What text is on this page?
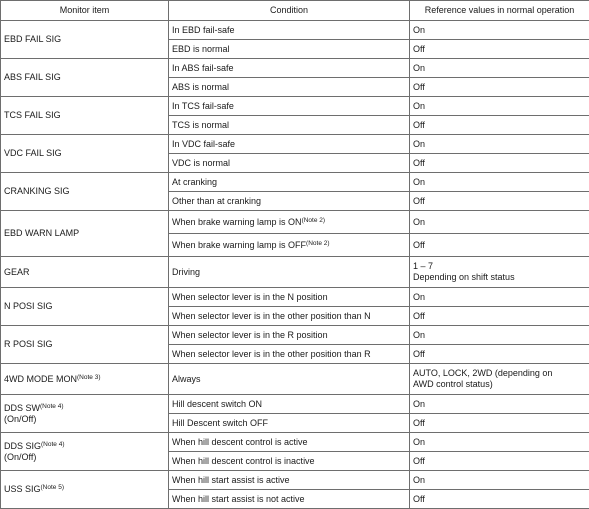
Monitor item	Condition	Reference values in normal operation
EBD FAIL SIG	In EBD fail-safe	On
	EBD is normal	Off
ABS FAIL SIG	In ABS fail-safe	On
	ABS is normal	Off
TCS FAIL SIG	In TCS fail-safe	On
	TCS is normal	Off
VDC FAIL SIG	In VDC fail-safe	On
	VDC is normal	Off
CRANKING SIG	At cranking	On
	Other than at cranking	Off
EBD WARN LAMP	When brake warning lamp is $ON^{(Note 2)}$	On
	When brake warning lamp is $OFF^{(Note 2)}$	Off
GEAR	Driving	1 – 7
Depending on shift status

N POSI SIG	When selector lever is in the N position	On
	When selector lever is in the other position than N	Off
R POSI SIG	When selector lever is in the R position	On
	When selector lever is in the other position than R	Off
4WD MODE $MON^{(Note 3)}$	Always	AUTO, LOCK, 2WD (depending on
AWD control status)

DDS $SW^{(Note 4)}$
(On/Off)	Hill descent switch ON	On
	Hill Descent switch OFF	Off
DDS $SIG^{(Note 4)}$
(On/Off)	When hill descent control is active	On
	When hill descent control is inactive	Off
USS $SIG^{(Note 5)}$	When hill start assist is active	On
	When hill start assist is not active	Off
